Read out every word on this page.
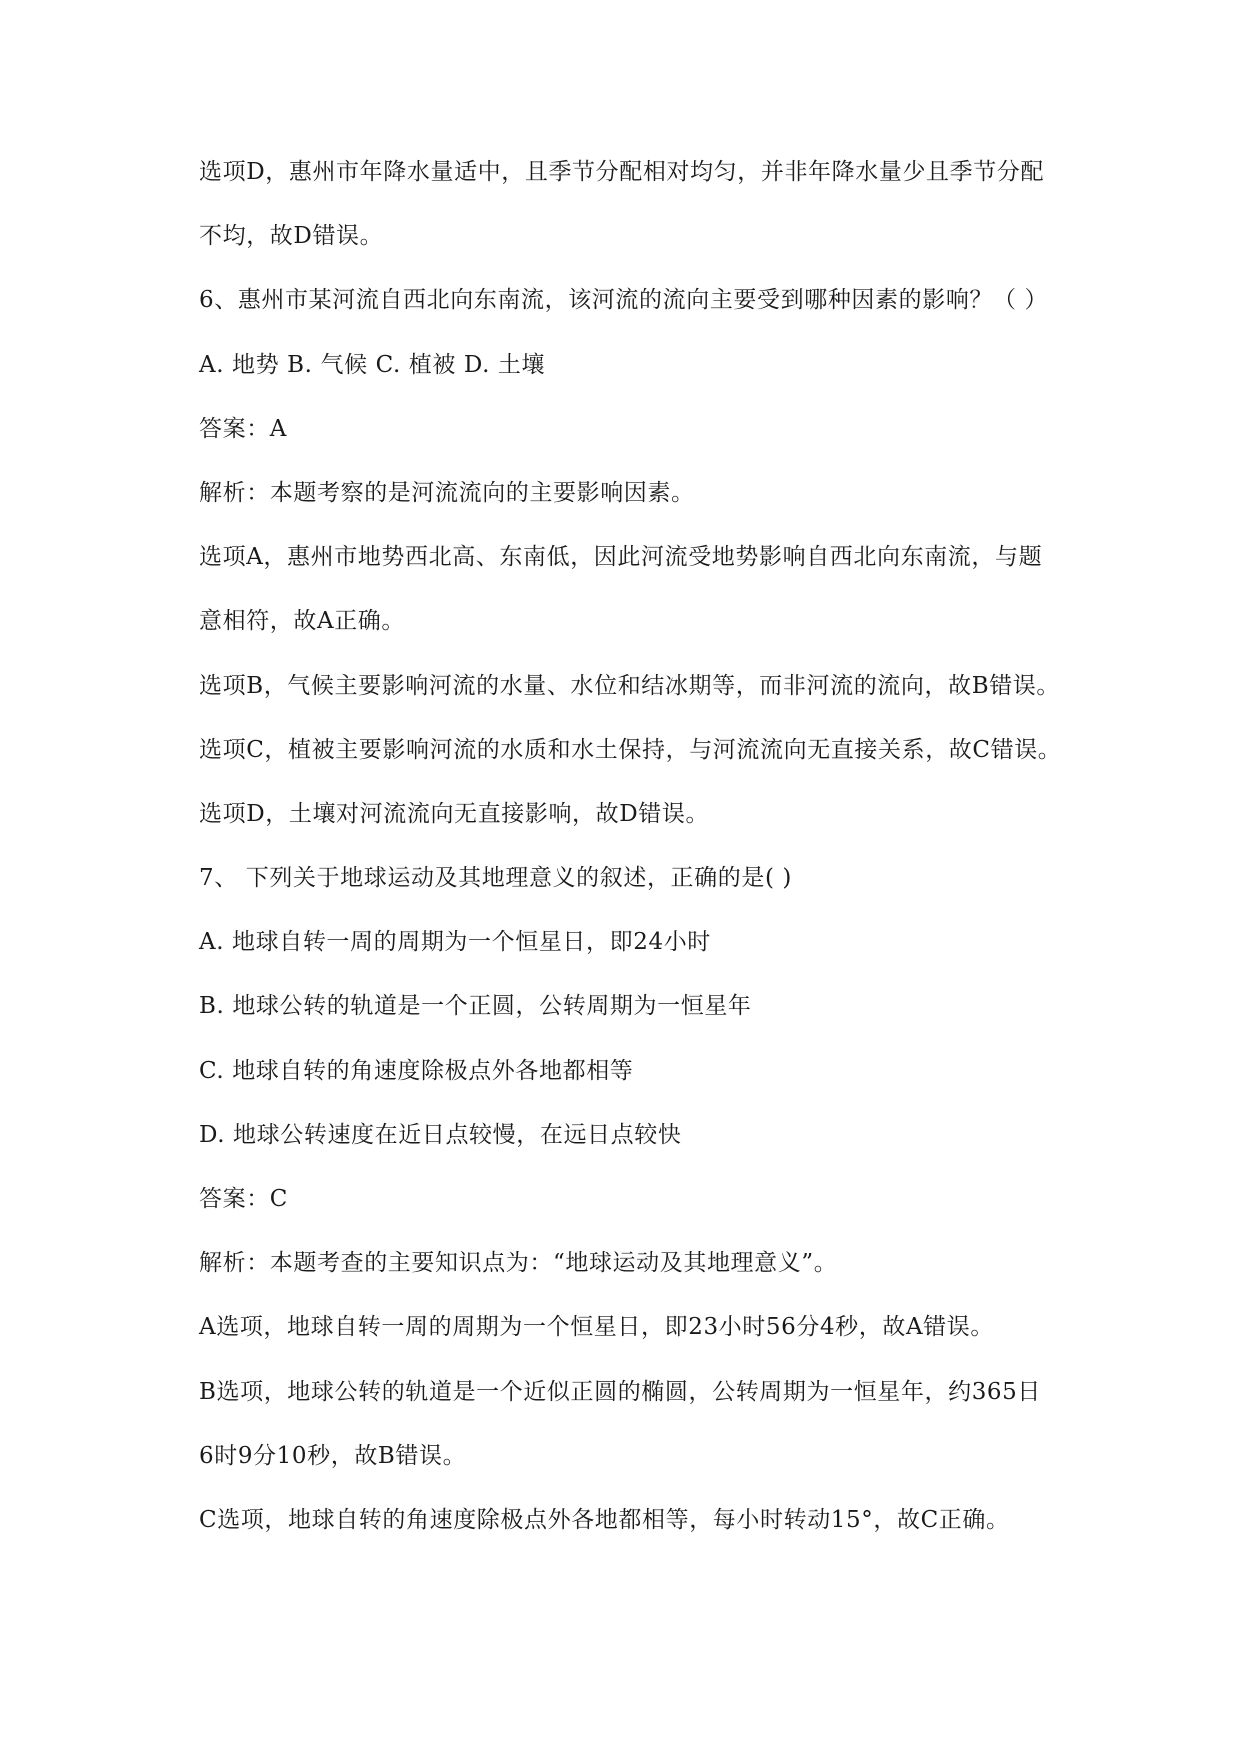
选项D，惠州市年降水量适中，且季节分配相对均匀，并非年降水量少且季节分配
不均，故D错误。
6、惠州市某河流自西北向东南流，该河流的流向主要受到哪种因素的影响？（ ）
A. 地势 B. 气候 C. 植被 D. 土壤
答案：A
解析：本题考察的是河流流向的主要影响因素。
选项A，惠州市地势西北高、东南低，因此河流受地势影响自西北向东南流，与题
意相符，故A正确。
选项B，气候主要影响河流的水量、水位和结冰期等，而非河流的流向，故B错误。
选项C，植被主要影响河流的水质和水土保持，与河流流向无直接关系，故C错误。
选项D，土壤对河流流向无直接影响，故D错误。
7、 下列关于地球运动及其地理意义的叙述，正确的是( )
A. 地球自转一周的周期为一个恒星日，即24小时
B. 地球公转的轨道是一个正圆，公转周期为一恒星年
C. 地球自转的角速度除极点外各地都相等
D. 地球公转速度在近日点较慢，在远日点较快
答案：C
解析：本题考查的主要知识点为：“地球运动及其地理意义”。
A选项，地球自转一周的周期为一个恒星日，即23小时56分4秒，故A错误。
B选项，地球公转的轨道是一个近似正圆的椭圆，公转周期为一恒星年，约365日
6时9分10秒，故B错误。
C选项，地球自转的角速度除极点外各地都相等，每小时转动15°，故C正确。
